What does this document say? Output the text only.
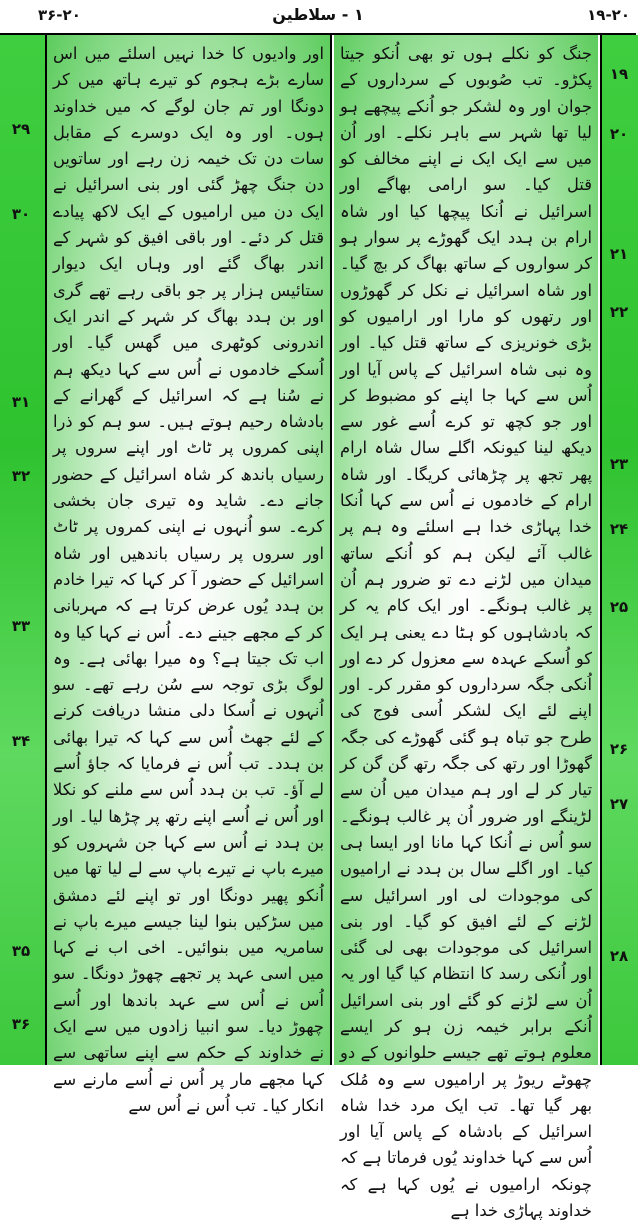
۳۶-۲۰	۱ - سلاطین	۱۹-۲۰
۲۹
۳۰
۳۱
۳۲
۳۳
۳۴
۳۵
۳۶

اور وادیوں کا خدا نہیں اسلئے میں اس سارے بڑے ہجوم کو تیرے ہاتھ میں کر دونگا اور تم جان لوگے کہ میں خداوند ہوں۔ اور وہ ایک دوسرے کے مقابل سات دن تک خیمہ زن رہے اور ساتویں دن جنگ چھڑ گئی اور بنی اسرائیل نے ایک دن میں ارامیوں کے ایک لاکھ پیادے قتل کر دئے۔ اور باقی افیق کو شہر کے اندر بھاگ گئے اور وہاں ایک دیوار ستائیس ہزار پر جو باقی رہے تھے گری اور بن ہدد بھاگ کر شہر کے اندر ایک اندرونی کوٹھری میں گھس گیا۔ اور اُسکے خادموں نے اُس سے کہا دیکھ ہم نے سُنا ہے کہ اسرائیل کے گھرانے کے بادشاہ رحیم ہوتے ہیں۔ سو ہم کو ذرا اپنی کمروں پر ٹاٹ اور اپنے سروں پر رسیاں باندھ کر شاہ اسرائیل کے حضور جانے دے۔ شاید وہ تیری جان بخشی کرے۔ سو اُنہوں نے اپنی کمروں پر ٹاٹ اور سروں پر رسیاں باندھیں اور شاہ اسرائیل کے حضور آ کر کہا کہ تیرا خادم بن ہدد یُوں عرض کرتا ہے کہ مہربانی کر کے مجھے جینے دے۔ اُس نے کہا کیا وہ اب تک جیتا ہے؟ وہ میرا بھائی ہے۔ وہ لوگ بڑی توجہ سے سُن رہے تھے۔ سو اُنہوں نے اُسکا دلی منشا دریافت کرنے کے لئے جھٹ اُس سے کہا کہ تیرا بھائی بن ہدد۔ تب اُس نے فرمایا کہ جاؤ اُسے لے آؤ۔ تب بن ہدد اُس سے ملنے کو نکلا اور اُس نے اُسے اپنے رتھ پر چڑھا لیا۔ اور بن ہدد نے اُس سے کہا جن شہروں کو میرے باپ نے تیرے باپ سے لے لیا تھا میں اُنکو پھیر دونگا اور تو اپنے لئے دمشق میں سڑکیں بنوا لینا جیسے میرے باپ نے سامریہ میں بنوائیں۔ اخی اب نے کہا میں اسی عہد پر تجھے چھوڑ دونگا۔ سو اُس نے اُس سے عہد باندھا اور اُسے چھوڑ دیا۔ سو انبیا زادوں میں سے ایک نے خداوند کے حکم سے اپنے ساتھی سے کہا مجھے مار پر اُس نے اُسے مارنے سے انکار کیا۔ تب اُس نے اُس سے

جنگ کو نکلے ہوں تو بھی اُنکو جیتا پکڑو۔ تب صُوبوں کے سرداروں کے جوان اور وہ لشکر جو اُنکے پیچھے ہو لیا تھا شہر سے باہر نکلے۔ اور اُن میں سے ایک ایک نے اپنے مخالف کو قتل کیا۔ سو ارامی بھاگے اور اسرائیل نے اُنکا پیچھا کیا اور شاہ ارام بن ہدد ایک گھوڑے پر سوار ہو کر سواروں کے ساتھ بھاگ کر بچ گیا۔ اور شاہ اسرائیل نے نکل کر گھوڑوں اور رتھوں کو مارا اور ارامیوں کو بڑی خونریزی کے ساتھ قتل کیا۔ اور وہ نبی شاہ اسرائیل کے پاس آیا اور اُس سے کہا جا اپنے کو مضبوط کر اور جو کچھ تو کرے اُسے غور سے دیکھ لینا کیونکہ اگلے سال شاہ ارام پھر تجھ پر چڑھائی کریگا۔ اور شاہ ارام کے خادموں نے اُس سے کہا اُنکا خدا پہاڑی خدا ہے اسلئے وہ ہم پر غالب آئے لیکن ہم کو اُنکے ساتھ میدان میں لڑنے دے تو ضرور ہم اُن پر غالب ہونگے۔ اور ایک کام یہ کر کہ بادشاہوں کو ہٹا دے یعنی ہر ایک کو اُسکے عہدہ سے معزول کر دے اور اُنکی جگہ سرداروں کو مقرر کر۔ اور اپنے لئے ایک لشکر اُسی فوج کی طرح جو تباہ ہو گئی گھوڑے کی جگہ گھوڑا اور رتھ کی جگہ رتھ گن گن کر تیار کر لے اور ہم میدان میں اُن سے لڑینگے اور ضرور اُن پر غالب ہونگے۔ سو اُس نے اُنکا کہا مانا اور ایسا ہی کیا۔ اور اگلے سال بن ہدد نے ارامیوں کی موجودات لی اور اسرائیل سے لڑنے کے لئے افیق کو گیا۔ اور بنی اسرائیل کی موجودات بھی لی گئی اور اُنکی رسد کا انتظام کیا گیا اور یہ اُن سے لڑنے کو گئے اور بنی اسرائیل اُنکے برابر خیمہ زن ہو کر ایسے معلوم ہوتے تھے جیسے حلوانوں کے دو چھوٹے ریوڑ پر ارامیوں سے وہ مُلک بھر گیا تھا۔ تب ایک مرد خدا شاہ اسرائیل کے بادشاہ کے پاس آیا اور اُس سے کہا خداوند یُوں فرماتا ہے کہ چونکہ ارامیوں نے یُوں کہا ہے کہ خداوند پہاڑی خدا ہے

۱۹
۲۰
۲۱
۲۲
۲۳
۲۴
۲۵
۲۶
۲۷
۲۸
